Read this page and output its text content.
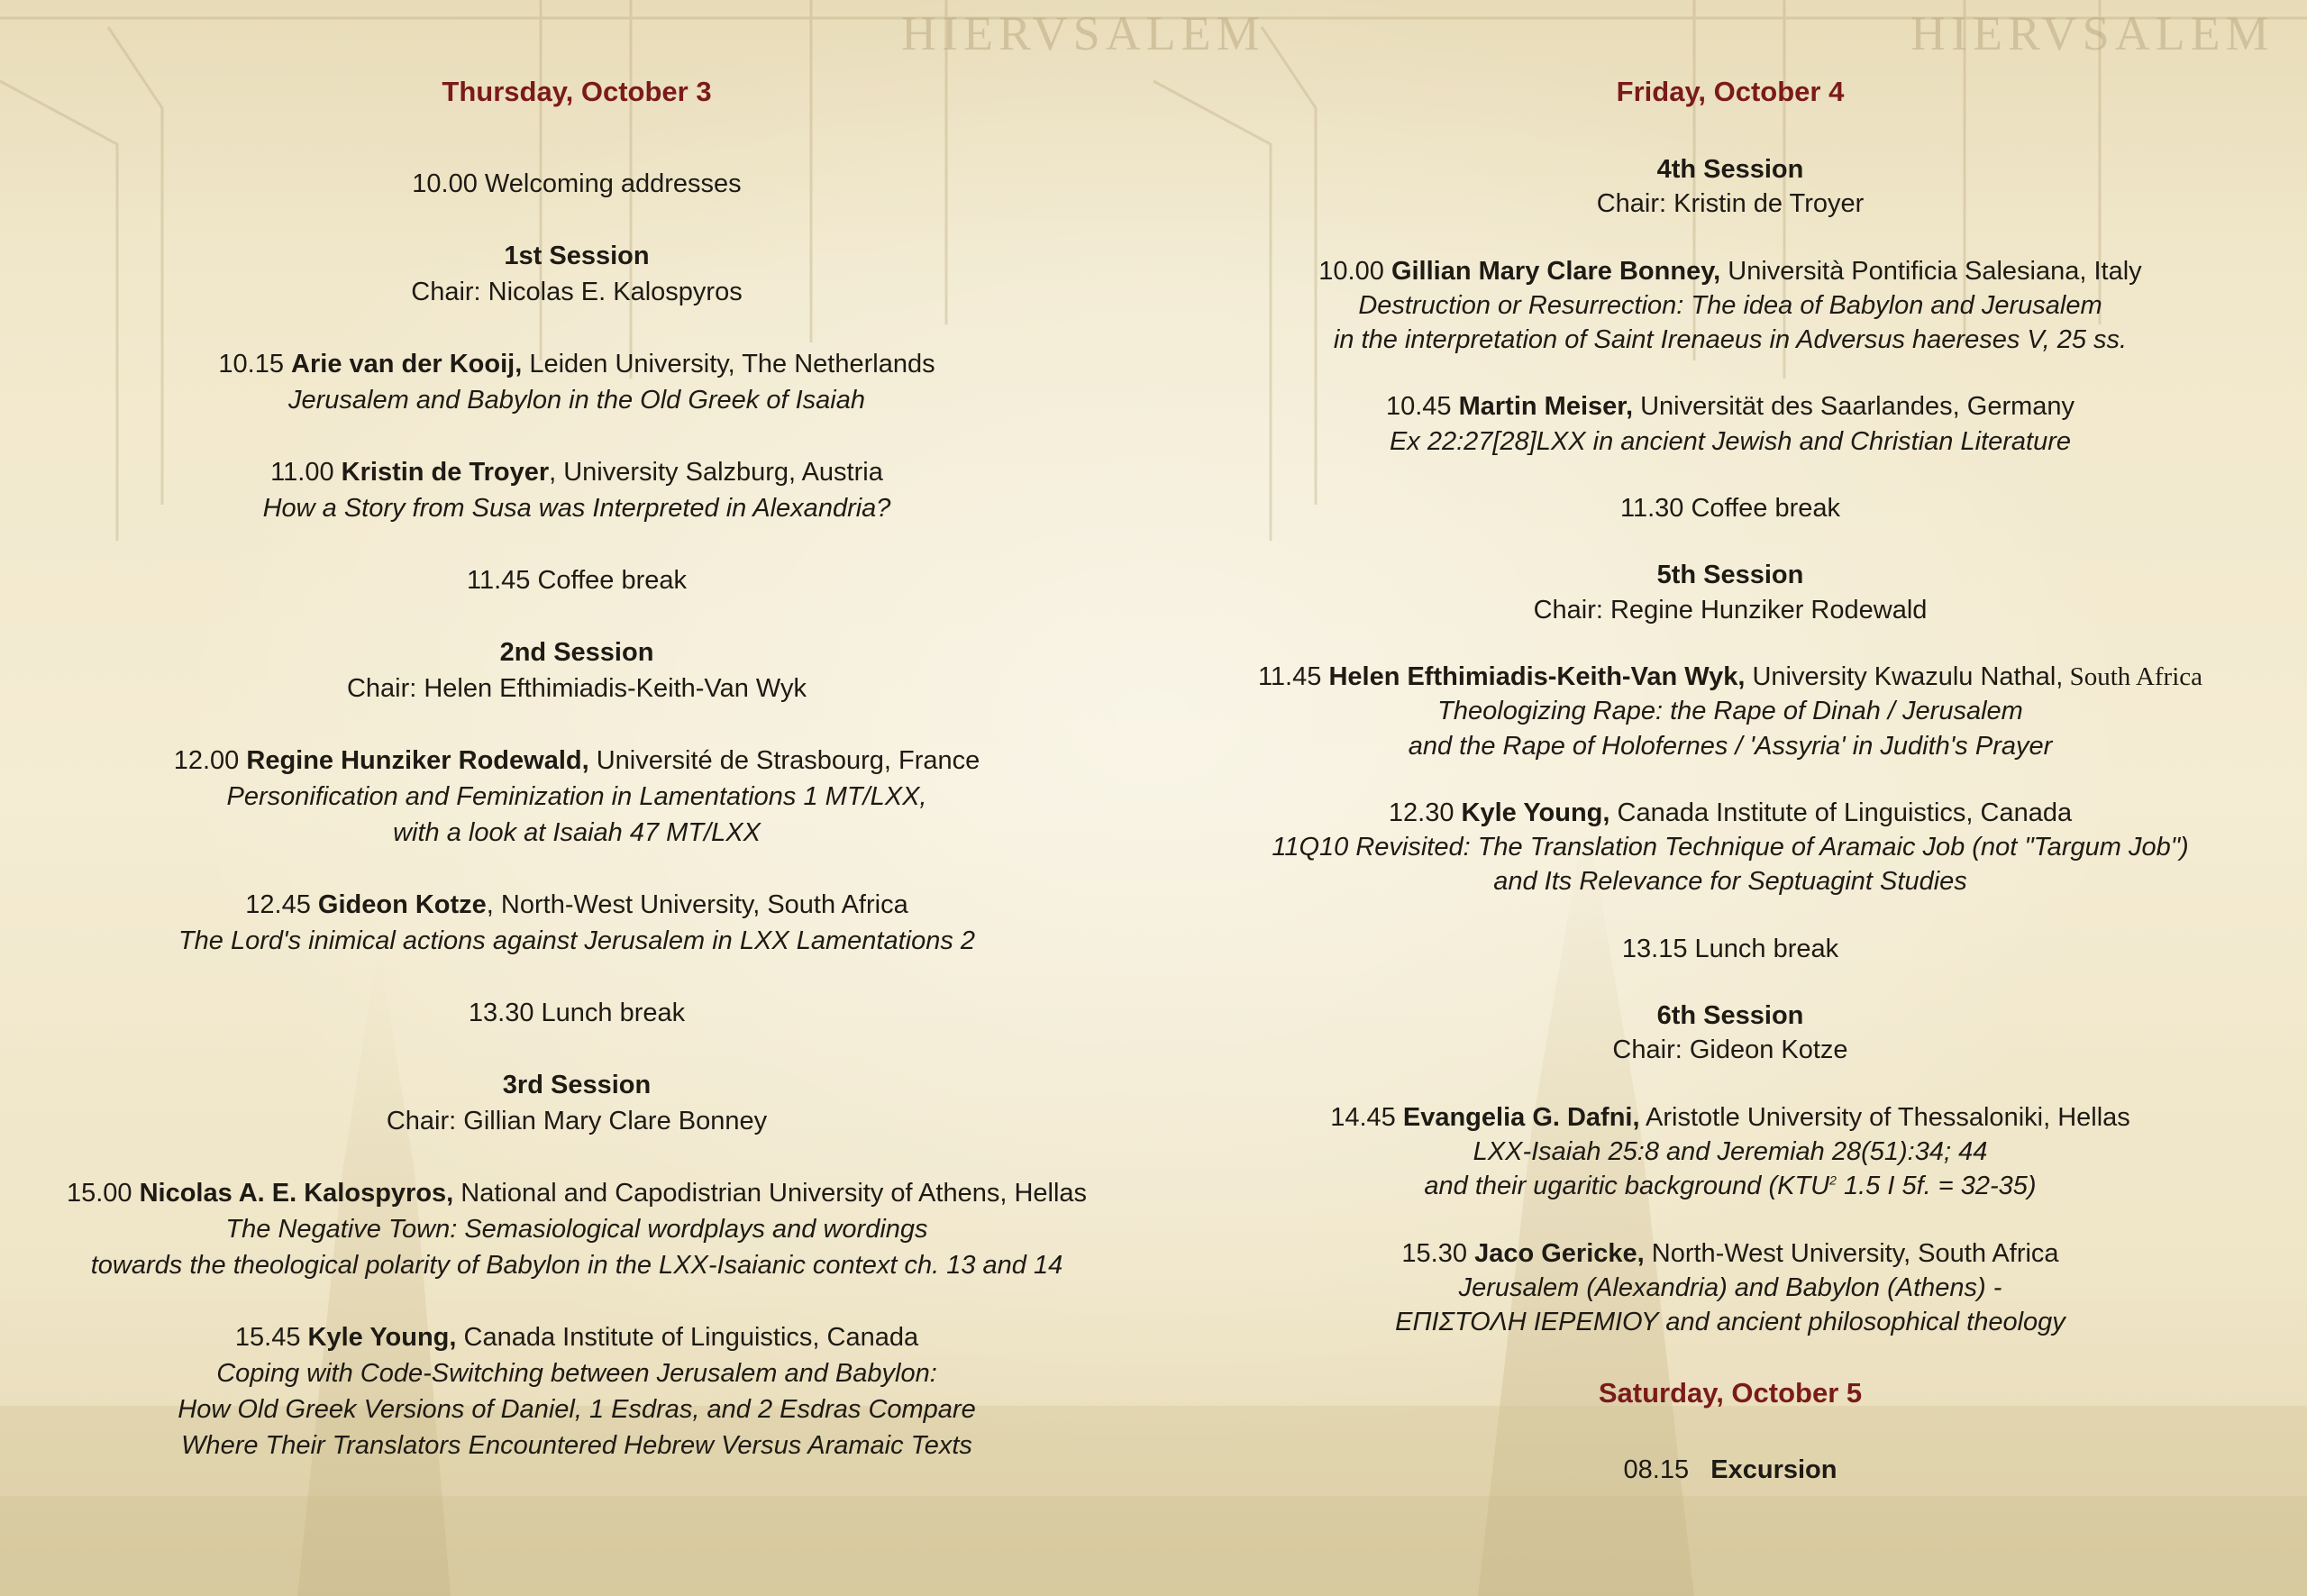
HIERVSALEM	HIERVSALEM
Thursday, October 3
10.00 Welcoming addresses
1st Session
Chair: Nicolas E. Kalospyros
10.15 Arie van der Kooij, Leiden University, The Netherlands
Jerusalem and Babylon in the Old Greek of Isaiah
11.00 Kristin de Troyer, University Salzburg, Austria
How a Story from Susa was Interpreted in Alexandria?
11.45 Coffee break
2nd Session
Chair: Helen Efthimiadis-Keith-Van Wyk
12.00 Regine Hunziker Rodewald, Université de Strasbourg, France
Personification and Feminization in Lamentations 1 MT/LXX,
with a look at Isaiah 47 MT/LXX
12.45 Gideon Kotze, North-West University, South Africa
The Lord's inimical actions against Jerusalem in LXX Lamentations 2
13.30 Lunch break
3rd Session
Chair: Gillian Mary Clare Bonney
15.00 Nicolas A. E. Kalospyros, National and Capodistrian University of Athens, Hellas
The Negative Town: Semasiological wordplays and wordings
towards the theological polarity of Babylon in the LXX-Isaianic context ch. 13 and 14
15.45 Kyle Young, Canada Institute of Linguistics, Canada
Coping with Code-Switching between Jerusalem and Babylon:
How Old Greek Versions of Daniel, 1 Esdras, and 2 Esdras Compare
Where Their Translators Encountered Hebrew Versus Aramaic Texts
Friday, October 4
4th Session
Chair: Kristin de Troyer
10.00 Gillian Mary Clare Bonney, Università Pontificia Salesiana, Italy
Destruction or Resurrection: The idea of Babylon and Jerusalem
in the interpretation of Saint Irenaeus in Adversus haereses V, 25 ss.
10.45 Martin Meiser, Universität des Saarlandes, Germany
Ex 22:27[28]LXX in ancient Jewish and Christian Literature
11.30 Coffee break
5th Session
Chair: Regine Hunziker Rodewald
11.45 Helen Efthimiadis-Keith-Van Wyk, University Kwazulu Nathal, South Africa
Theologizing Rape: the Rape of Dinah / Jerusalem
and the Rape of Holofernes / 'Assyria' in Judith's Prayer
12.30 Kyle Young, Canada Institute of Linguistics, Canada
11Q10 Revisited: The Translation Technique of Aramaic Job (not "Targum Job")
and Its Relevance for Septuagint Studies
13.15 Lunch break
6th Session
Chair: Gideon Kotze
14.45 Evangelia G. Dafni, Aristotle University of Thessaloniki, Hellas
LXX-Isaiah 25:8 and Jeremiah 28(51):34; 44
and their ugaritic background (KTU$^2$ 1.5 I 5f. = 32-35)
15.30 Jaco Gericke, North-West University, South Africa
Jerusalem (Alexandria) and Babylon (Athens) -
ΕΠΙΣΤΟΛΗ ΙΕΡΕΜΙΟΥ and ancient philosophical theology
Saturday, October 5
08.15 Excursion
